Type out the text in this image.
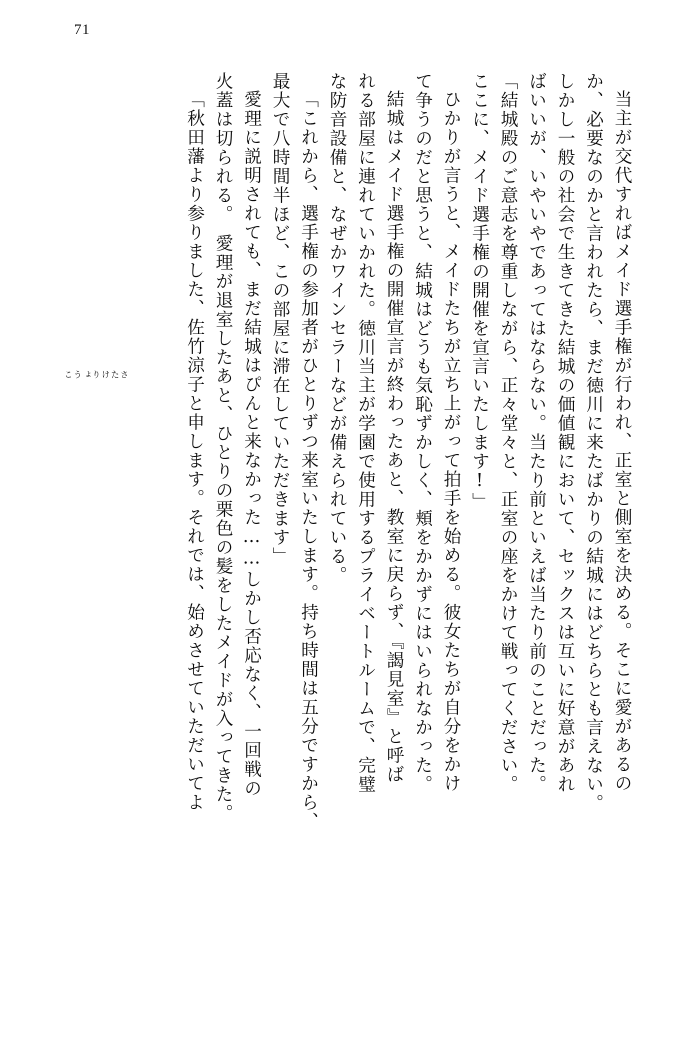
71
当主が交代すればメイド選手権が行われ、正室と側室を決める。そこに愛があるの
か、必要なのかと言われたら、まだ徳川に来たばかりの結城にはどちらとも言えない。
しかし一般の社会で生きてきた結城の価値観において、セックスは互いに好意があれ
ばいいが、いやいやであってはならない。当たり前といえば当たり前のことだった。
「結城殿のご意志を尊重しながら、正々堂々と、正室の座をかけて戦ってください。
ここに、メイド選手権の開催を宣言いたします!」
ひかりが言うと、メイドたちが立ち上がって拍手を始める。彼女たちが自分をかけ
て争うのだと思うと、結城はどうも気恥ずかしく、頬をかかずにはいられなかった。
結城はメイド選手権の開催宣言が終わったあと、教室に戻らず、『謁見室』と呼ば
れる部屋に連れていかれた。徳川当主が学園で使用するプライベートルームで、完璧
な防音設備と、なぜかワインセラーなどが備えられている。
「これから、選手権の参加者がひとりずつ来室いたします。持ち時間は五分ですから、
最大で八時間半ほど、この部屋に滞在していただきます」
愛理に説明されても、まだ結城はぴんと来なかった……しかし否応なく、一回戦の
火蓋は切られる。　愛理が退室したあと、ひとりの栗色の髪をしたメイドが入ってきた。
「秋田藩より参りました、佐竹涼子と申します。それでは、始めさせていただいてよ
さ たけ りょう こ
